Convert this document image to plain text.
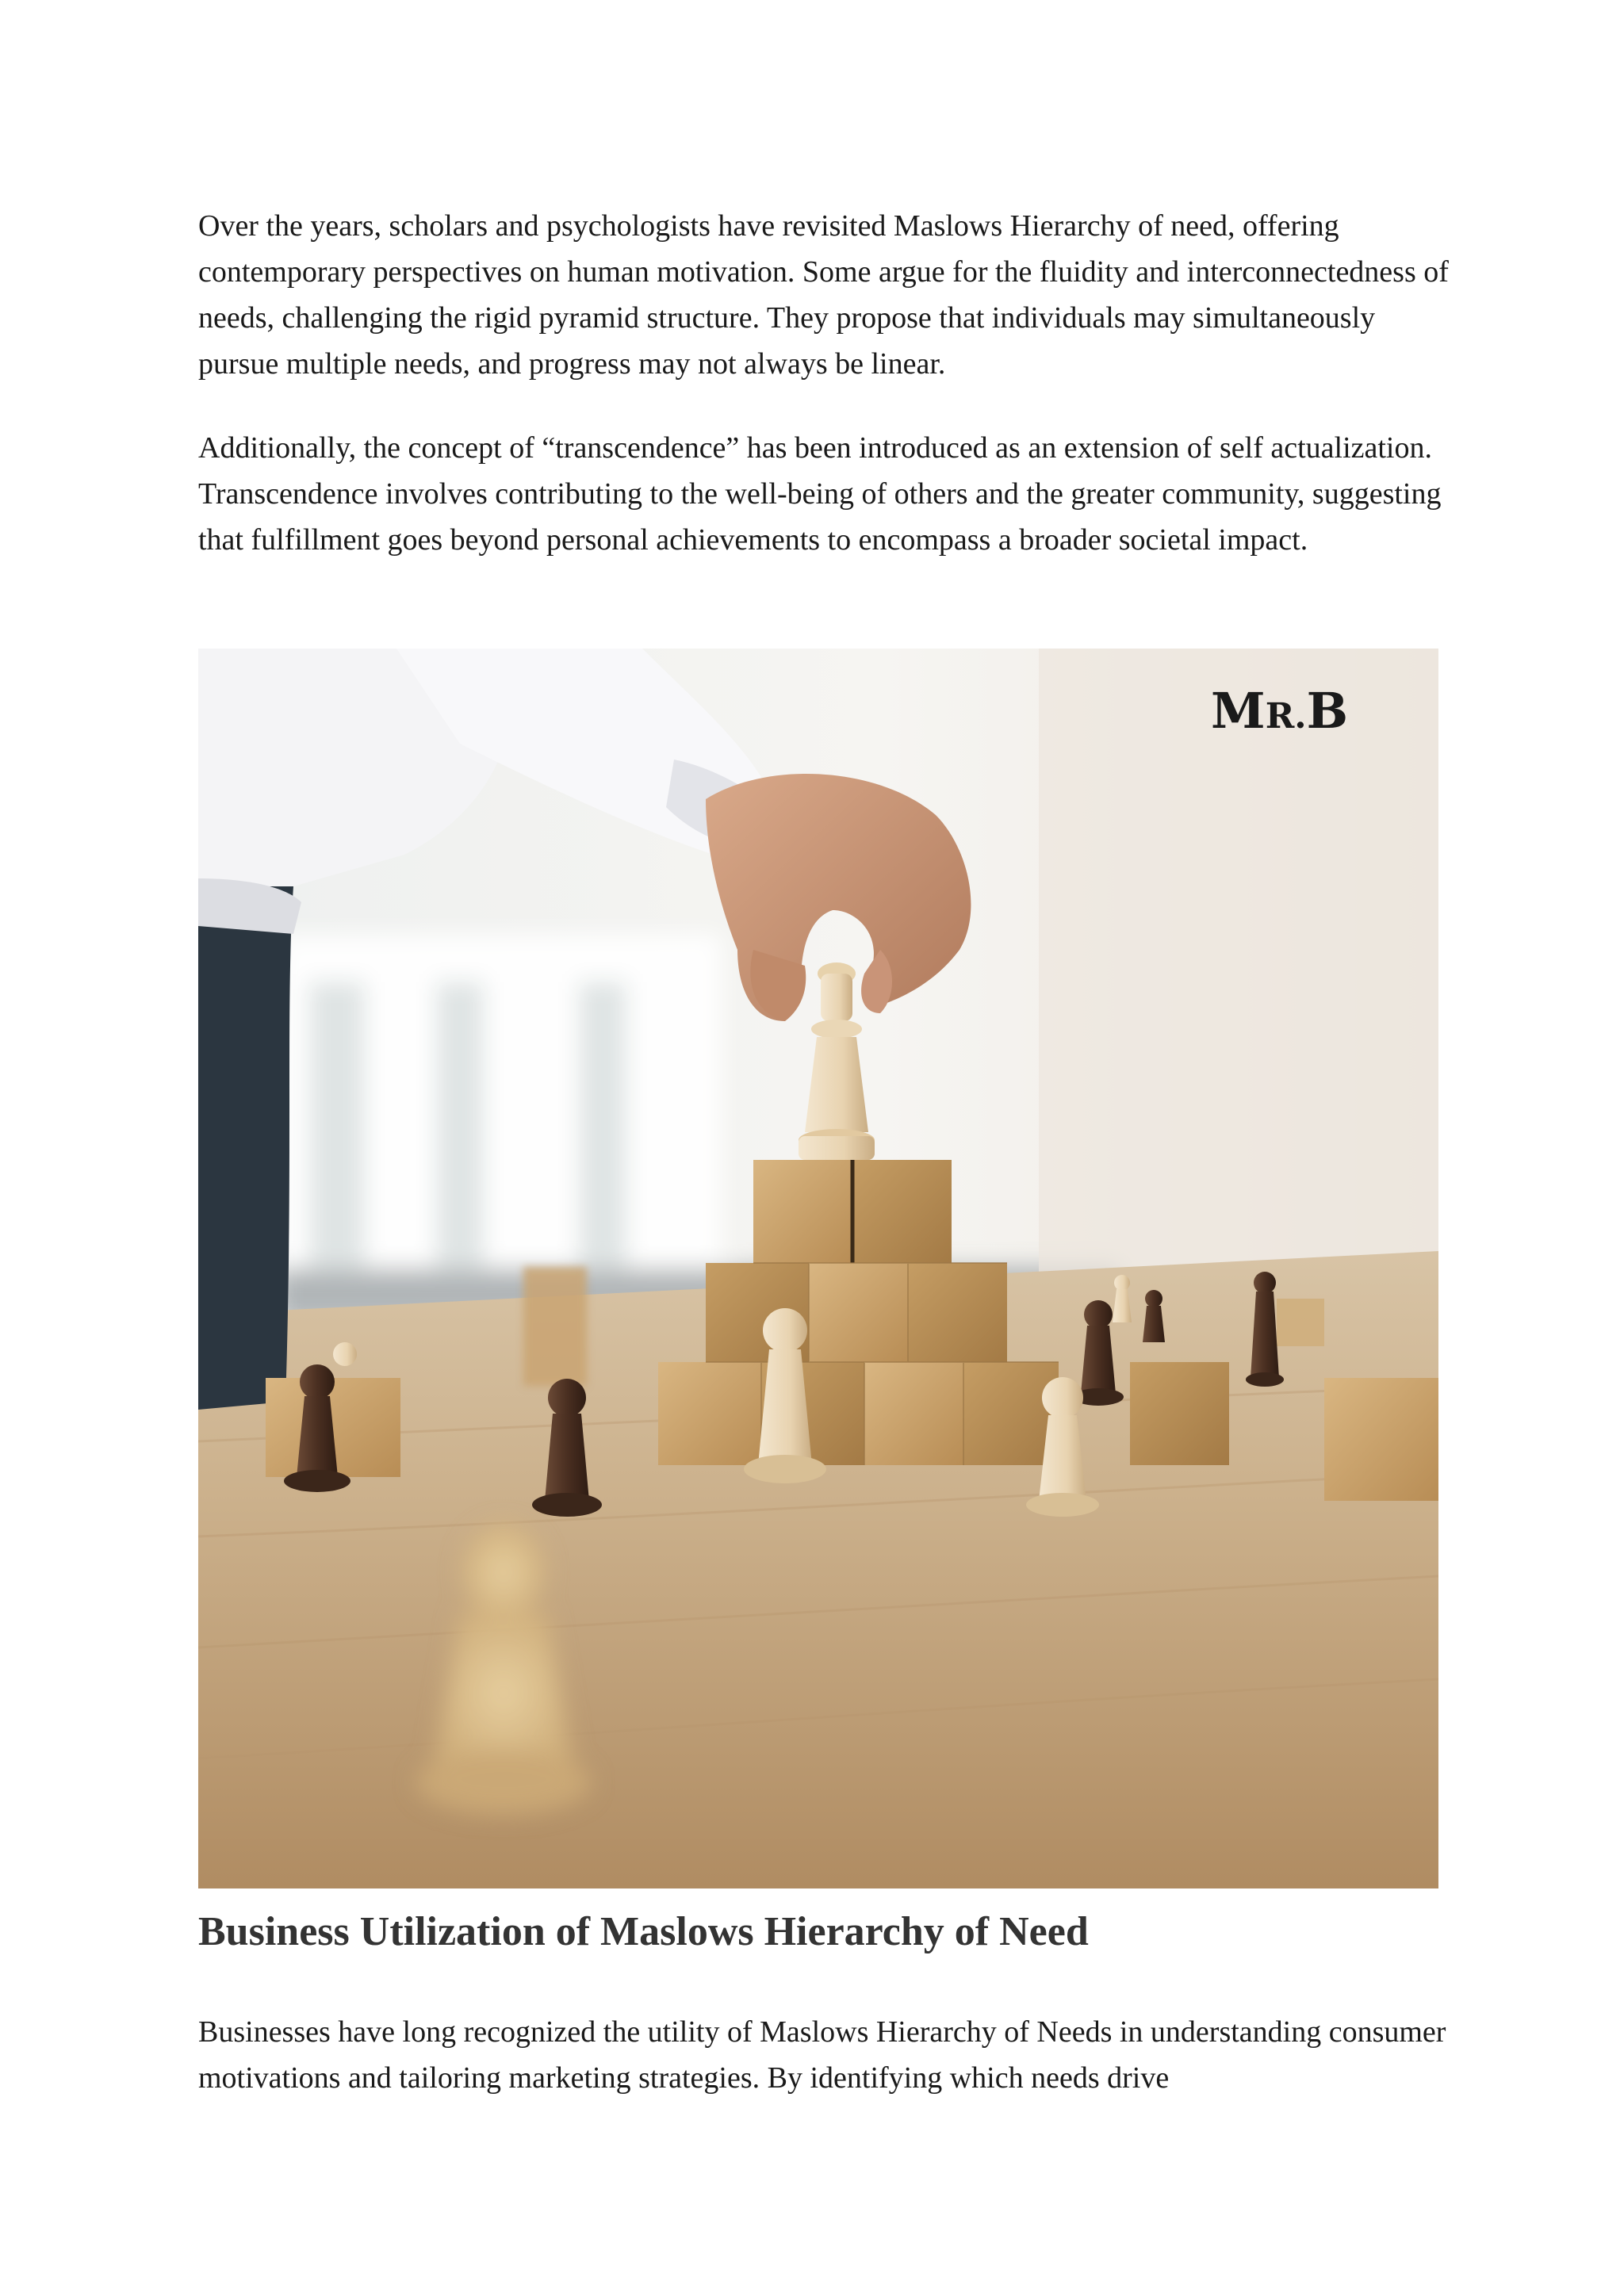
Over the years, scholars and psychologists have revisited Maslows Hierarchy of need, offering contemporary perspectives on human motivation. Some argue for the fluidity and interconnectedness of needs, challenging the rigid pyramid structure. They propose that individuals may simultaneously pursue multiple needs, and progress may not always be linear.

Additionally, the concept of “transcendence” has been introduced as an extension of self actualization. Transcendence involves contributing to the well-being of others and the greater community, suggesting that fulfillment goes beyond personal achievements to encompass a broader societal impact.

MR.B
Business Utilization of Maslows Hierarchy of Need

Businesses have long recognized the utility of Maslows Hierarchy of Needs in understanding consumer motivations and tailoring marketing strategies. By identifying which needs drive
